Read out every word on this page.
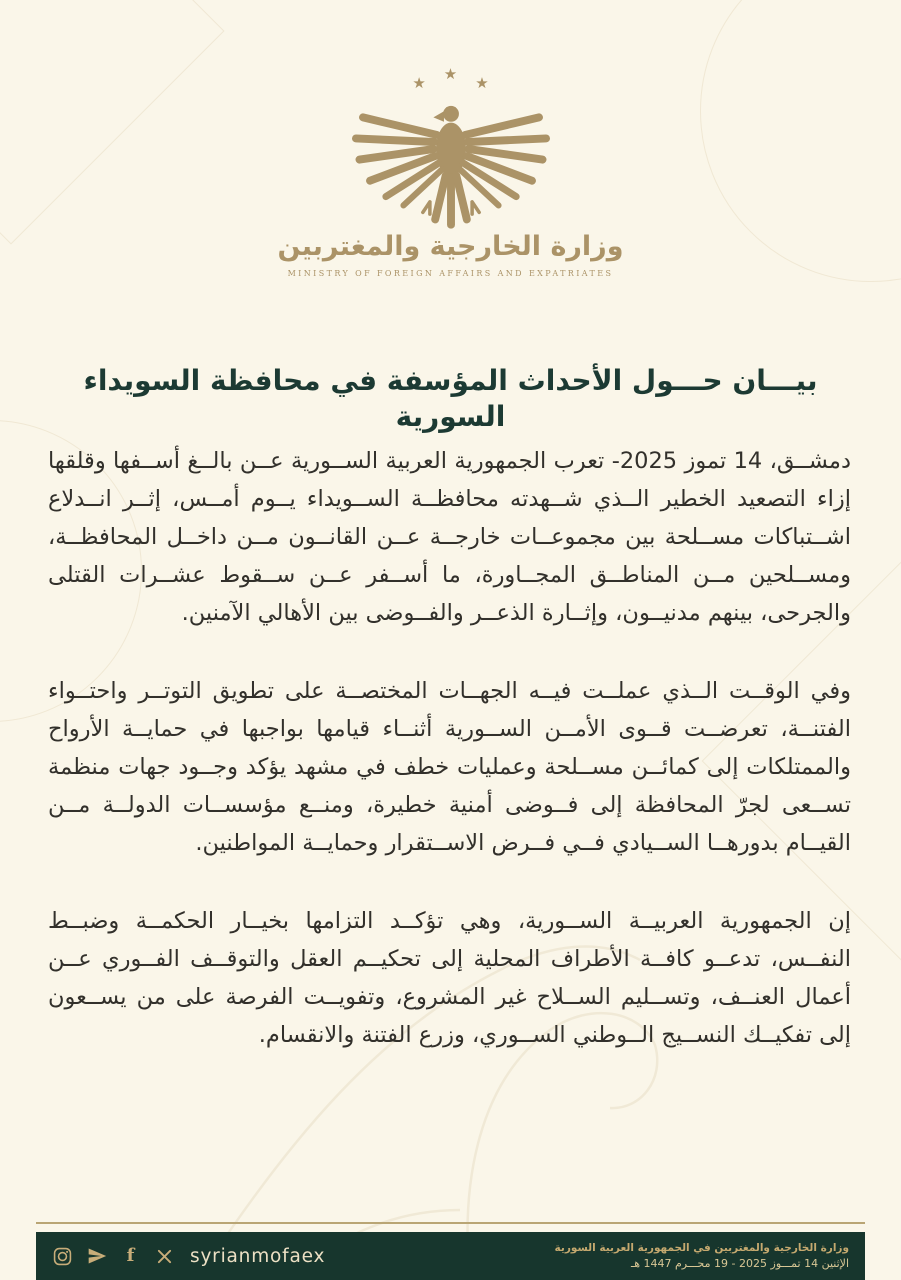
★ ★ ★
وزارة الخارجية والمغتربين
MINISTRY OF FOREIGN AFFAIRS AND EXPATRIATES
بيـــان حـــول الأحداث المؤسفة في محافظة السويداء السورية

دمشــق، 14 تموز 2025- تعرب الجمهورية العربية الســورية عــن بالــغ أســفها وقلقها إزاء التصعيد الخطير الــذي شــهدته محافظــة الســويداء يــوم أمــس، إثــر انــدلاع اشــتباكات مســلحة بين مجموعــات خارجــة عــن القانــون مــن داخــل المحافظــة، ومســلحين مــن المناطــق المجــاورة، ما أســفر عــن ســقوط عشــرات القتلى والجرحى، بينهم مدنيــون، وإثــارة الذعــر والفــوضى بين الأهالي الآمنين.

وفي الوقــت الــذي عملــت فيــه الجهــات المختصــة على تطويق التوتــر واحتــواء الفتنــة، تعرضــت قــوى الأمــن الســورية أثنــاء قيامها بواجبها في حمايــة الأرواح والممتلكات إلى كمائــن مســلحة وعمليات خطف في مشهد يؤكد وجــود جهات منظمة تســعى لجرّ المحافظة إلى فــوضى أمنية خطيرة، ومنــع مؤسســات الدولــة مــن القيــام بدورهــا الســيادي فــي فــرض الاســتقرار وحمايــة المواطنين.

إن الجمهورية العربيــة الســورية، وهي تؤكــد التزامها بخيــار الحكمــة وضبــط النفــس، تدعــو كافــة الأطراف المحلية إلى تحكيــم العقل والتوقــف الفــوري عــن أعمال العنــف، وتســليم الســلاح غير المشروع، وتفويــت الفرصة على من يســعون إلى تفكيــك النســيج الــوطني الســوري، وزرع الفتنة والانقسام.

f	syrianmofaex	وزارة الخارجية والمغتربين في الجمهورية العربية السورية
الإثنين 14 تمـــوز 2025 - 19 محـــرم 1447 هـ
